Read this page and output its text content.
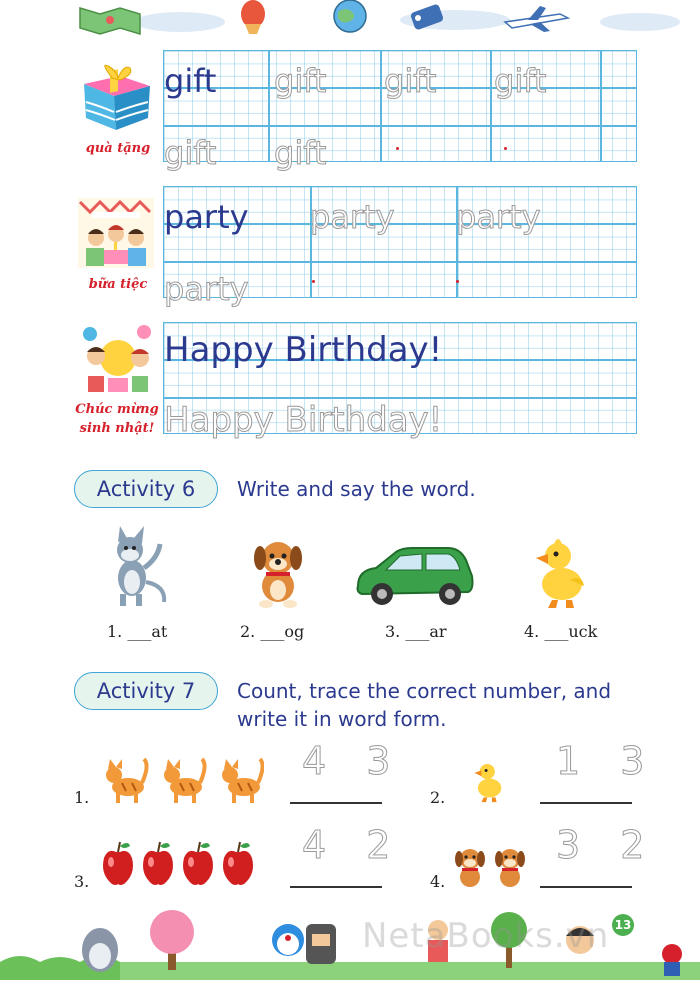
quà tặng
gift gift gift gift
gift gift
bữa tiệc
party party party
party
Chúc mừng
sinh nhật!
Happy Birthday!
Happy Birthday!
Activity 6	Write and say the word.
1. ___at	2. ___og	3. ___ar	4. ___uck
Activity 7	Count, trace the correct number, and
write it in word form.
1.
4 3
2.
1 3
3.
4 2
4.
3 2
NetaBooks.vn 13
